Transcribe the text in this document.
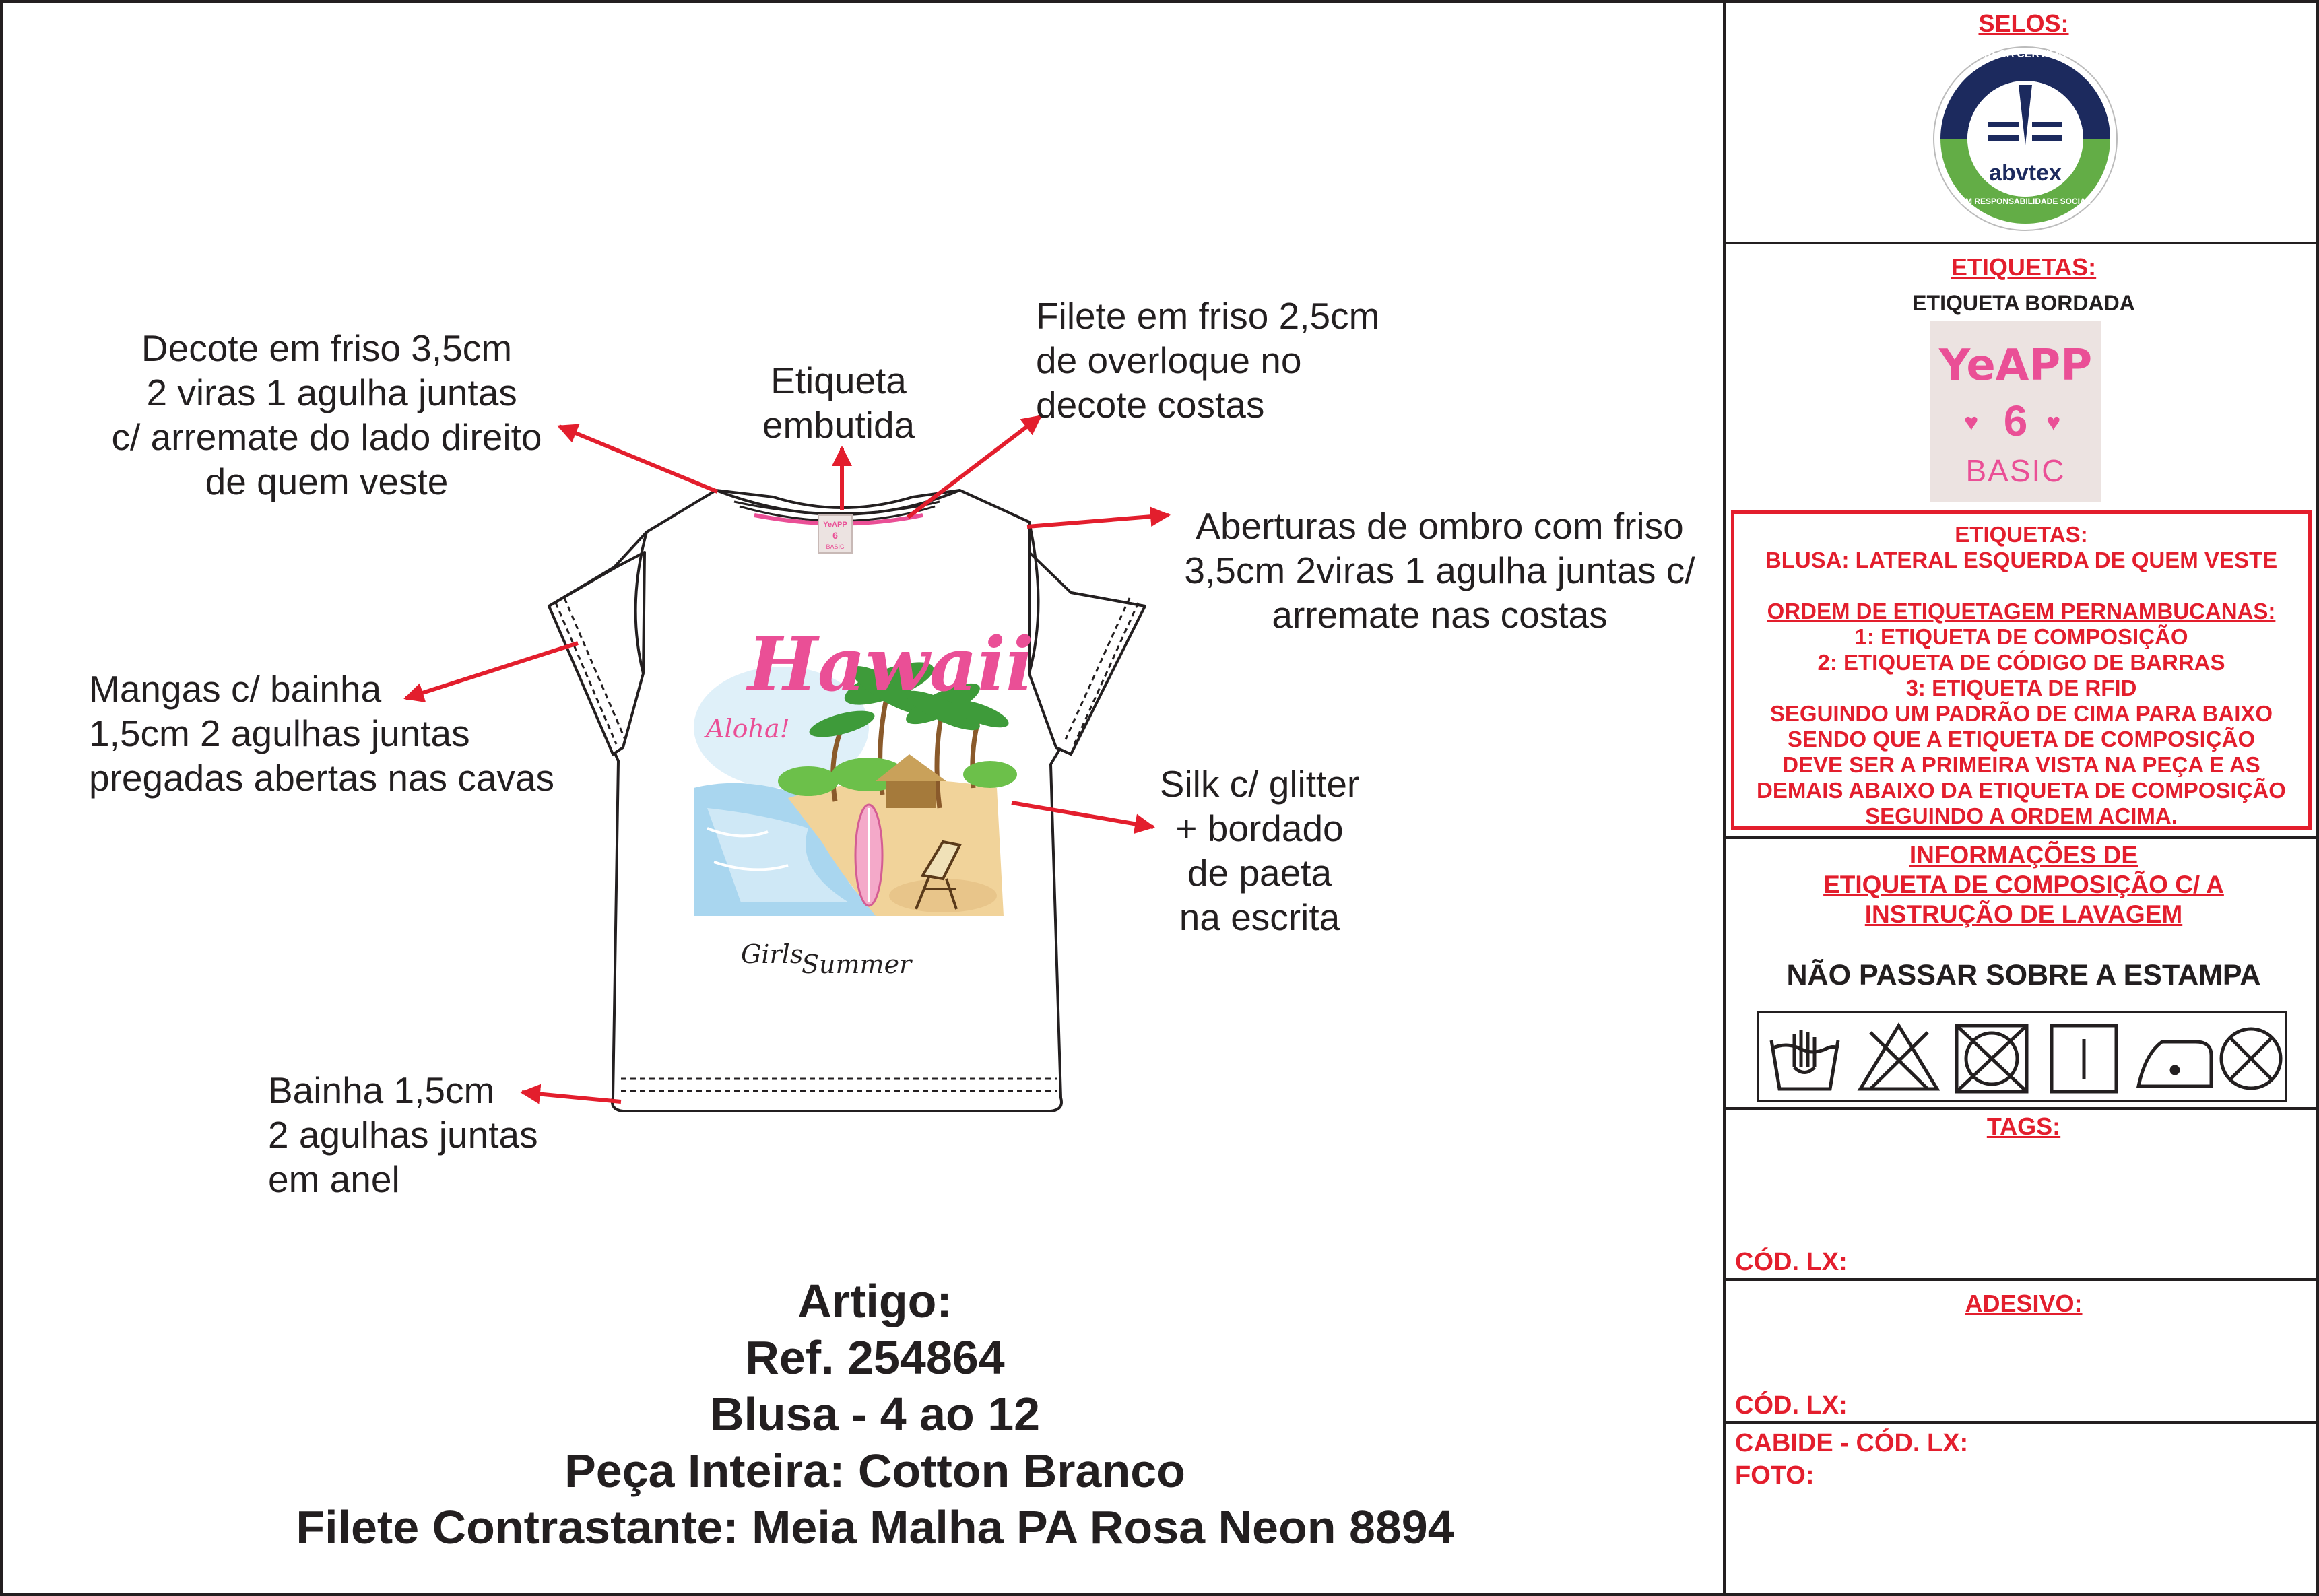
YeAPP
6
BASIC
Hawaii
Aloha!
Girls
Summer
Decote em friso 3,5cm
2 viras 1 agulha juntas
c/ arremate do lado direito
de quem veste
Etiqueta
embutida
Filete em friso 2,5cm
de overloque no
decote costas
Aberturas de ombro com friso
3,5cm 2viras 1 agulha juntas c/
arremate nas costas
Mangas c/ bainha
1,5cm 2 agulhas juntas
pregadas abertas nas cavas	Silk c/ glitter
+ bordado
de paeta
na escrita
Bainha 1,5cm
2 agulhas juntas
em anel
Artigo:
Ref. 254864
Blusa - 4 ao 12
Peça Inteira: Cotton Branco
Filete Contrastante: Meia Malha PA Rosa Neon 8894
SELOS:
abvtex
EMPRESA CERTIFICADA
EM RESPONSABILIDADE SOCIAL
ETIQUETAS:
ETIQUETA BORDADA
INFORMAÇÕES DE
ETIQUETA DE COMPOSIÇÃO C/ A
INSTRUÇÃO DE LAVAGEM
NÃO PASSAR SOBRE A ESTAMPA
TAGS:
CÓD. LX:
ADESIVO:
CÓD. LX:
CABIDE - CÓD. LX:
FOTO:
YeAPP
6
♥	♥
BASIC
ETIQUETAS:
BLUSA: LATERAL ESQUERDA DE QUEM VESTE
ORDEM DE ETIQUETAGEM PERNAMBUCANAS:
1: ETIQUETA DE COMPOSIÇÃO
2: ETIQUETA DE CÓDIGO DE BARRAS
3: ETIQUETA DE RFID
SEGUINDO UM PADRÃO DE CIMA PARA BAIXO
SENDO QUE A ETIQUETA DE COMPOSIÇÃO
DEVE SER A PRIMEIRA VISTA NA PEÇA E AS
DEMAIS ABAIXO DA ETIQUETA DE COMPOSIÇÃO
SEGUINDO A ORDEM ACIMA.
